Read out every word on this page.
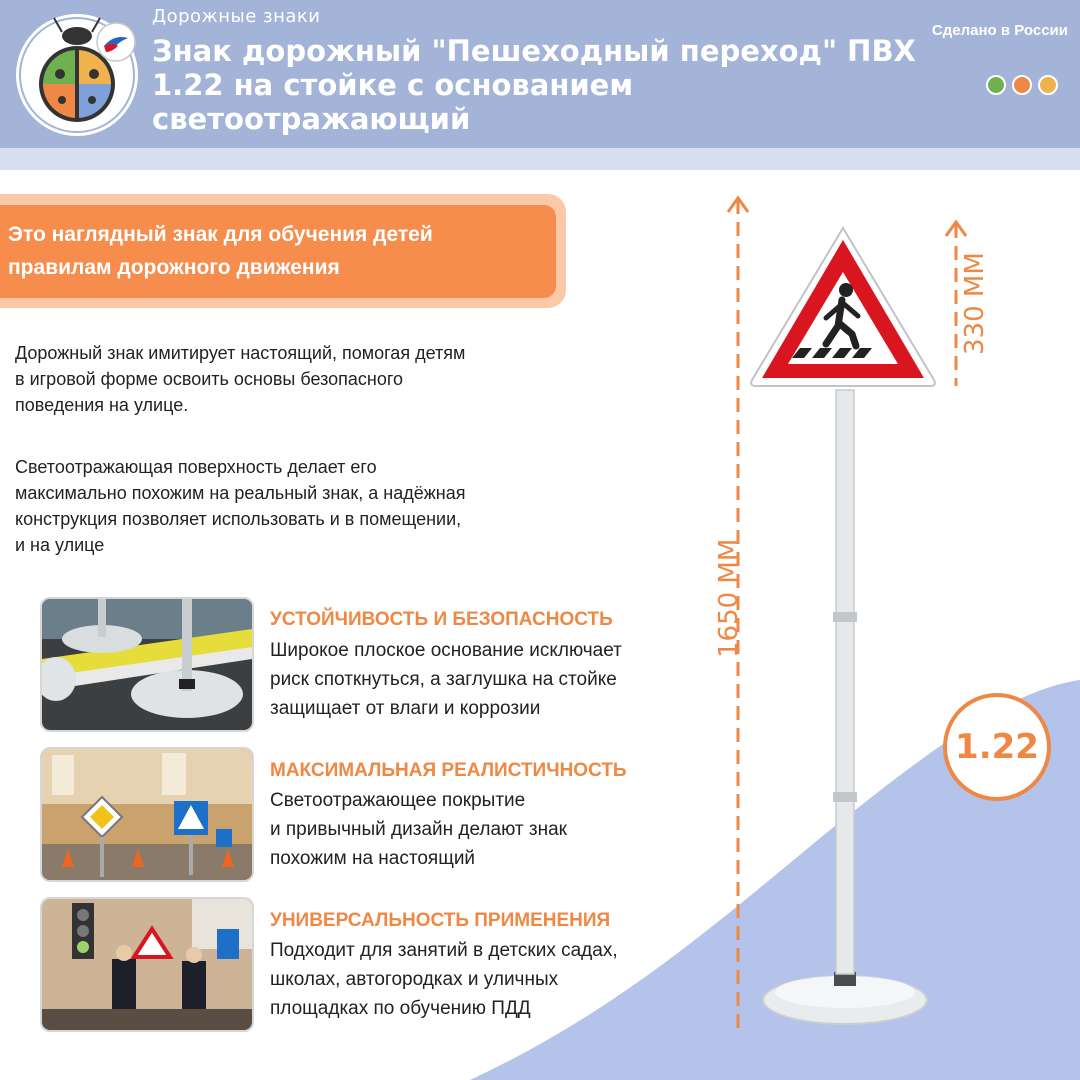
Дорожные знаки
Знак дорожный "Пешеходный переход" ПВХ 1.22 на стойке с основанием светоотражающий
Сделано в России
Это наглядный знак для обучения детей правилам дорожного движения

Дорожный знак имитирует настоящий, помогая детям
в игровой форме освоить основы безопасного
поведения на улице.

Светоотражающая поверхность делает его
максимально похожим на реальный знак, а надёжная
конструкция позволяет использовать и в помещении,
и на улице

УСТОЙЧИВОСТЬ И БЕЗОПАСНОСТЬ
Широкое плоское основание исключает
риск споткнуться, а заглушка на стойке
защищает от влаги и коррозии
МАКСИМАЛЬНАЯ РЕАЛИСТИЧНОСТЬ
Светоотражающее покрытие
и привычный дизайн делают знак
похожим на настоящий
УНИВЕРСАЛЬНОСТЬ ПРИМЕНЕНИЯ
Подходит для занятий в детских садах,
школах, автогородках и уличных
площадках по обучению ПДД
1650 ММ
330 ММ
1.22
